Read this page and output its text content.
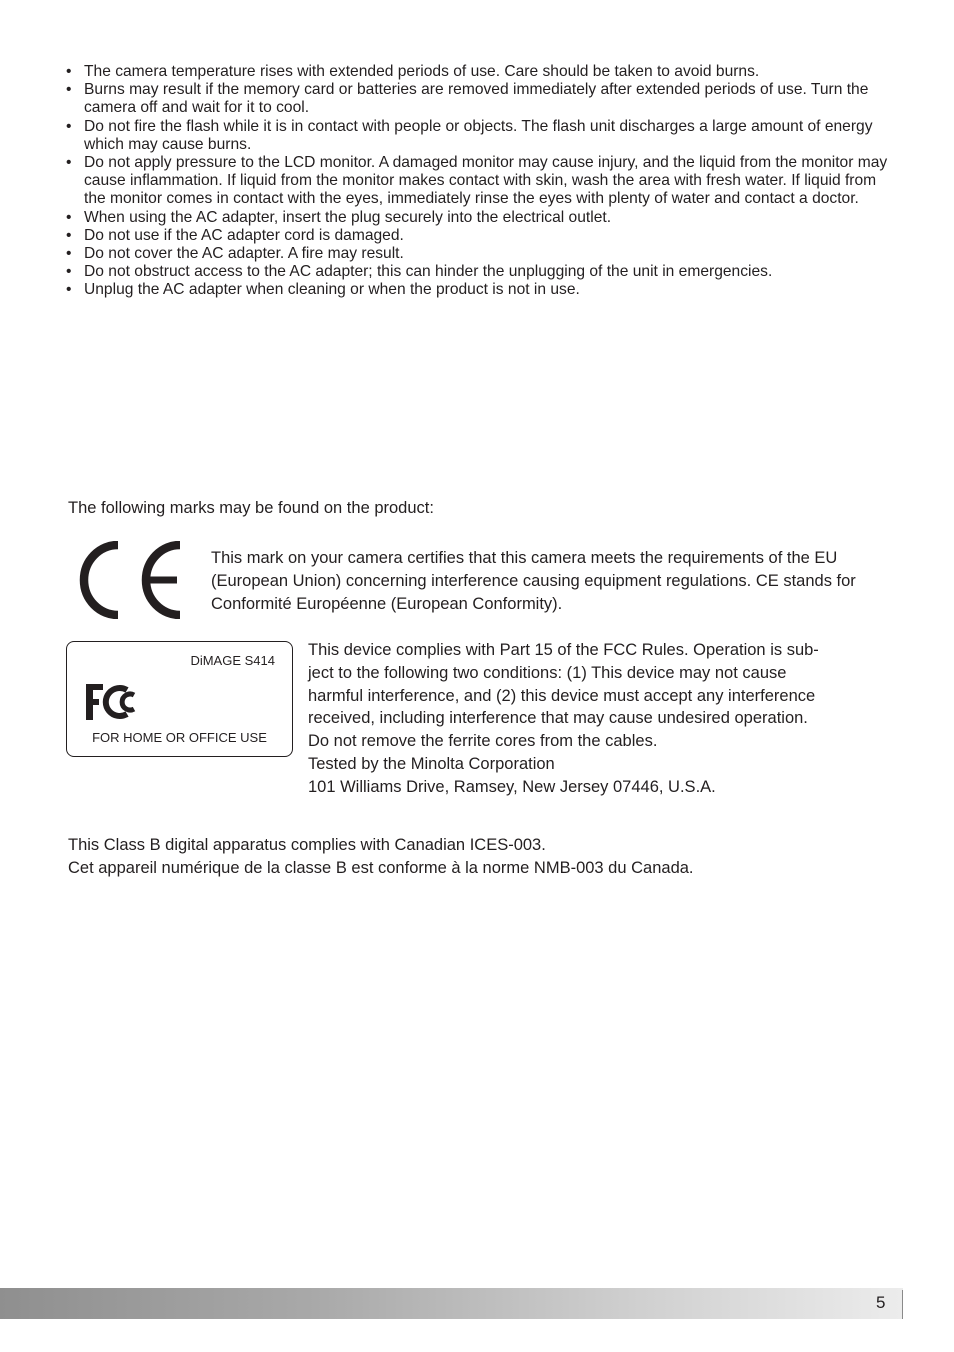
• The camera temperature rises with extended periods of use. Care should be taken to avoid burns.
• Burns may result if the memory card or batteries are removed immediately after extended periods of use. Turn the camera off and wait for it to cool.
• Do not fire the flash while it is in contact with people or objects. The flash unit discharges a large amount of energy which may cause burns.
• Do not apply pressure to the LCD monitor. A damaged monitor may cause injury, and the liquid from the monitor may cause inflammation. If liquid from the monitor makes contact with skin, wash the area with fresh water. If liquid from the monitor comes in contact with the eyes, immediately rinse the eyes with plenty of water and contact a doctor.
• When using the AC adapter, insert the plug securely into the electrical outlet.
• Do not use if the AC adapter cord is damaged.
• Do not cover the AC adapter. A fire may result.
• Do not obstruct access to the AC adapter; this can hinder the unplugging of the unit in emergencies.
• Unplug the AC adapter when cleaning or when the product is not in use.
The following marks may be found on the product:
This mark on your camera certifies that this camera meets the requirements of the EU (European Union) concerning interference causing equipment regulations. CE stands for Conformité Européenne (European Conformity).
DiMAGE S414
FOR HOME OR OFFICE USE
This device complies with Part 15 of the FCC Rules. Operation is sub-
ject to the following two conditions: (1) This device may not cause
harmful interference, and (2) this device must accept any interference
received, including interference that may cause undesired operation.
Do not remove the ferrite cores from the cables.
Tested by the Minolta Corporation
101 Williams Drive, Ramsey, New Jersey 07446, U.S.A.
This Class B digital apparatus complies with Canadian ICES-003.
Cet appareil numérique de la classe B est conforme à la norme NMB-003 du Canada.
5
